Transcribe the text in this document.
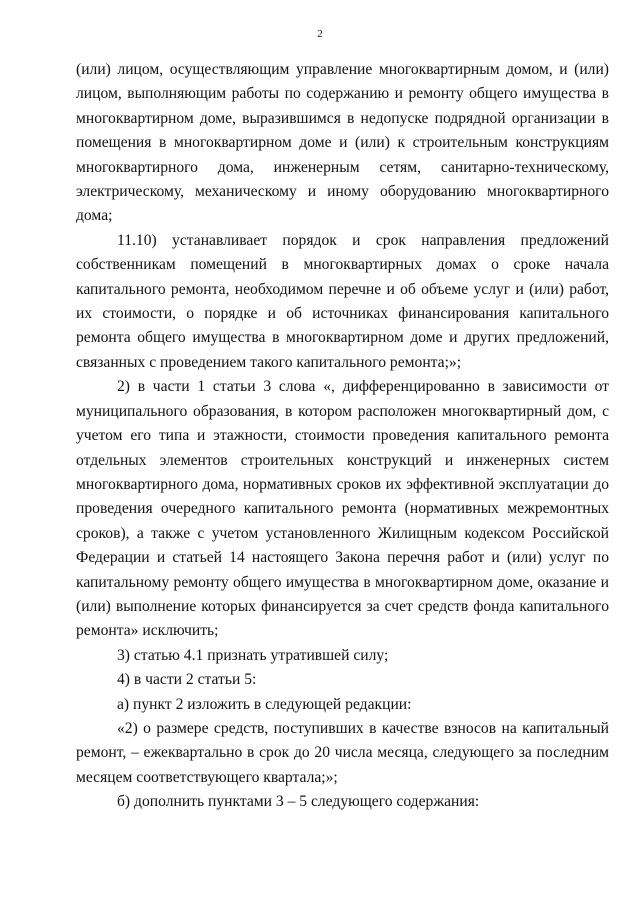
2

(или) лицом, осуществляющим управление многоквартирным домом, и (или) лицом, выполняющим работы по содержанию и ремонту общего имущества в многоквартирном доме, выразившимся в недопуске подрядной организации в помещения в многоквартирном доме и (или) к строительным конструкциям многоквартирного дома, инженерным сетям, санитарно-техническому, электрическому, механическому и иному оборудованию многоквартирного дома;

11.10) устанавливает порядок и срок направления предложений собственникам помещений в многоквартирных домах о сроке начала капитального ремонта, необходимом перечне и об объеме услуг и (или) работ, их стоимости, о порядке и об источниках финансирования капитального ремонта общего имущества в многоквартирном доме и других предложений, связанных с проведением такого капитального ремонта;»;

2) в части 1 статьи 3 слова «, дифференцированно в зависимости от муниципального образования, в котором расположен многоквартирный дом, с учетом его типа и этажности, стоимости проведения капитального ремонта отдельных элементов строительных конструкций и инженерных систем многоквартирного дома, нормативных сроков их эффективной эксплуатации до проведения очередного капитального ремонта (нормативных межремонтных сроков), а также с учетом установленного Жилищным кодексом Российской Федерации и статьей 14 настоящего Закона перечня работ и (или) услуг по капитальному ремонту общего имущества в многоквартирном доме, оказание и (или) выполнение которых финансируется за счет средств фонда капитального ремонта» исключить;

3) статью 4.1 признать утратившей силу;

4) в части 2 статьи 5:

а) пункт 2 изложить в следующей редакции:

«2) о размере средств, поступивших в качестве взносов на капитальный ремонт, – ежеквартально в срок до 20 числа месяца, следующего за последним месяцем соответствующего квартала;»;

б) дополнить пунктами 3 – 5 следующего содержания:
